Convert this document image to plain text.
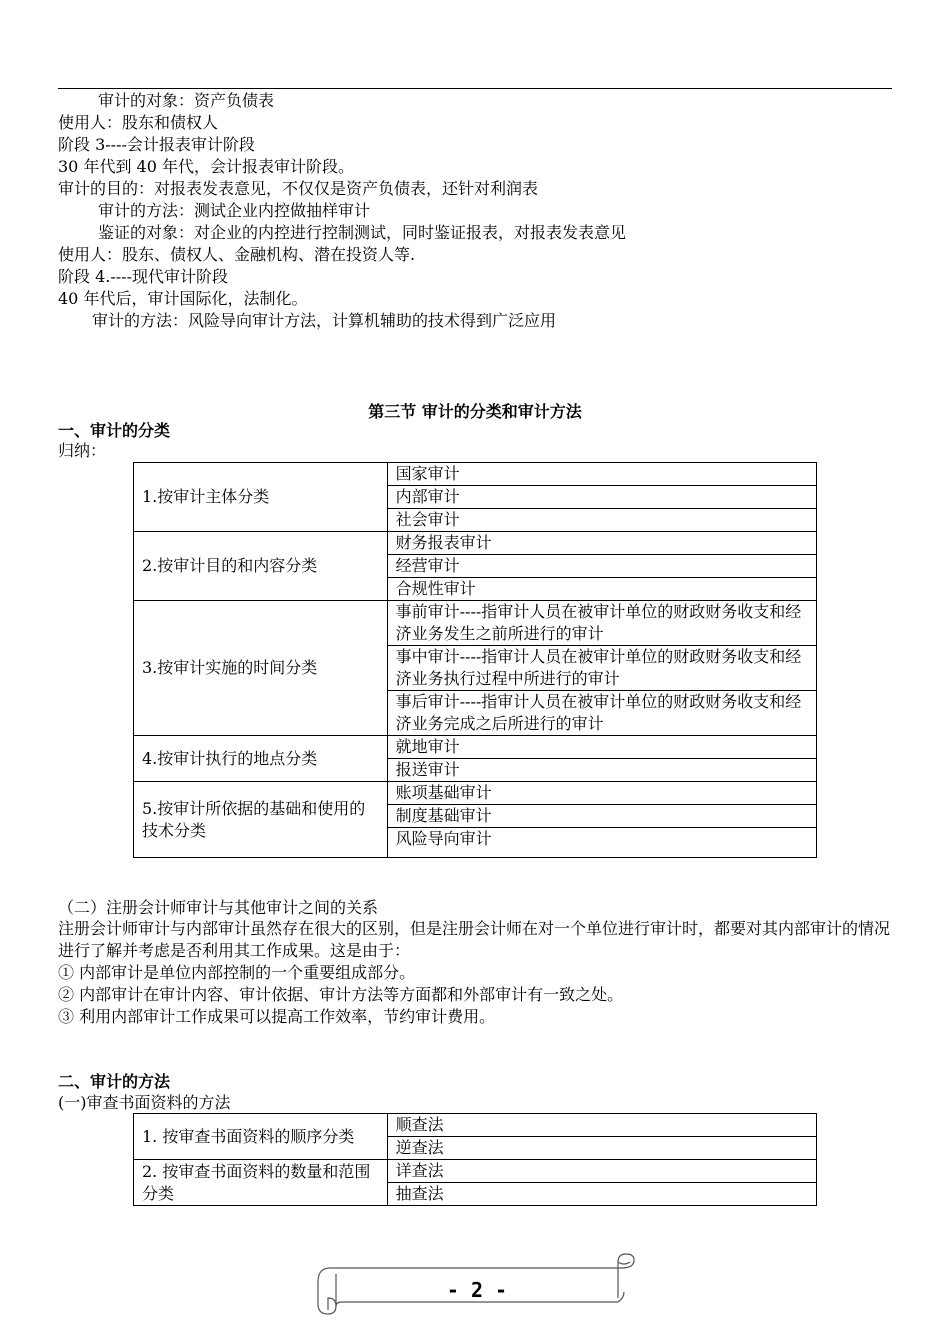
审计的对象：资产负债表
使用人：股东和债权人
阶段 3----会计报表审计阶段
30 年代到 40 年代，会计报表审计阶段。
审计的目的：对报表发表意见，不仅仅是资产负债表，还针对利润表
审计的方法：测试企业内控做抽样审计
鉴证的对象：对企业的内控进行控制测试，同时鉴证报表，对报表发表意见
使用人：股东、债权人、金融机构、潜在投资人等.
阶段 4.----现代审计阶段
40 年代后，审计国际化，法制化。
审计的方法：风险导向审计方法，计算机辅助的技术得到广泛应用
第三节 审计的分类和审计方法
一、审计的分类
归纳：
1.按审计主体分类	国家审计
	内部审计
	社会审计
2.按审计目的和内容分类	财务报表审计
	经营审计
	合规性审计
3.按审计实施的时间分类	事前审计----指审计人员在被审计单位的财政财务收支和经济业务发生之前所进行的审计
	事中审计----指审计人员在被审计单位的财政财务收支和经济业务执行过程中所进行的审计
	事后审计----指审计人员在被审计单位的财政财务收支和经济业务完成之后所进行的审计
4.按审计执行的地点分类	就地审计
	报送审计
5.按审计所依据的基础和使用的技术分类	账项基础审计
	制度基础审计
	风险导向审计
（二）注册会计师审计与其他审计之间的关系
注册会计师审计与内部审计虽然存在很大的区别，但是注册会计师在对一个单位进行审计时，都要对其内部审计的情况进行了解并考虑是否利用其工作成果。这是由于：
① 内部审计是单位内部控制的一个重要组成部分。
② 内部审计在审计内容、审计依据、审计方法等方面都和外部审计有一致之处。
③ 利用内部审计工作成果可以提高工作效率，节约审计费用。
二、审计的方法
(一)审查书面资料的方法
1. 按审查书面资料的顺序分类	顺查法
	逆查法
2. 按审查书面资料的数量和范围分类	详查法
	抽查法
- 2 -
